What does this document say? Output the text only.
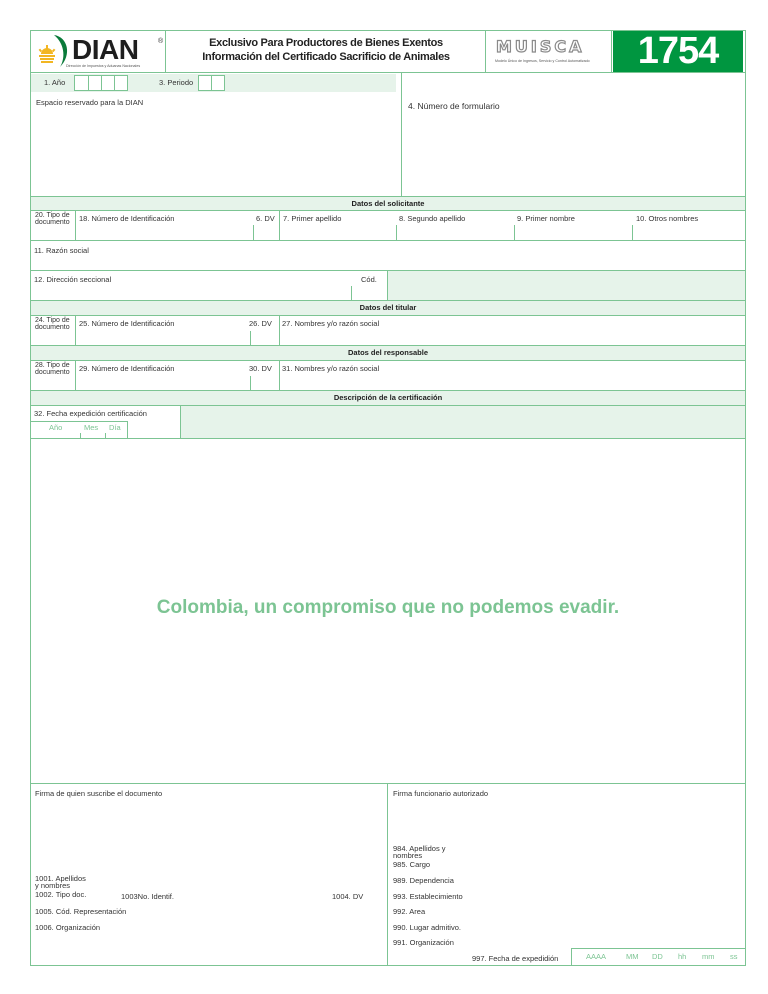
DIAN	®
Dirección de Impuestos y Aduanas Nacionales
Exclusivo Para Productores de Bienes Exentos
Información del Certificado Sacrificio de Animales
MUISCA
Modelo Único de Ingresos, Servicio y Control Automatizado	1754
1. Año	3. Periodo
Espacio reservado para la DIAN	4. Número de formulario
Datos del solicitante
20. Tipo de documento	18. Número de Identificación	6. DV 7. Primer apellido	8. Segundo apellido	9. Primer nombre	10. Otros nombres
11. Razón social
12. Dirección seccional	Cód.
Datos del titular
24. Tipo de documento	25. Número de Identificación	26. DV 27. Nombres y/o razón social
Datos del responsable
28. Tipo de documento	29. Número de Identificación	30. DV 31. Nombres y/o razón social
Descripción de la certificación
32. Fecha expedición certificación
Año	Mes Día
Colombia, un compromiso que no podemos evadir.
Firma de quien suscribe el documento
1001. Apellidos y nombres
1002. Tipo doc.	1003No. Identif.	1004. DV
1005. Cód. Representación
1006. Organización
Firma funcionario autorizado
984. Apellidos y nombres
985. Cargo
989. Dependencia
993. Establecimiento
992. Area
990. Lugar admitivo.
991. Organización
997. Fecha de expedidión	AAAA	MM DD hh mm ss
